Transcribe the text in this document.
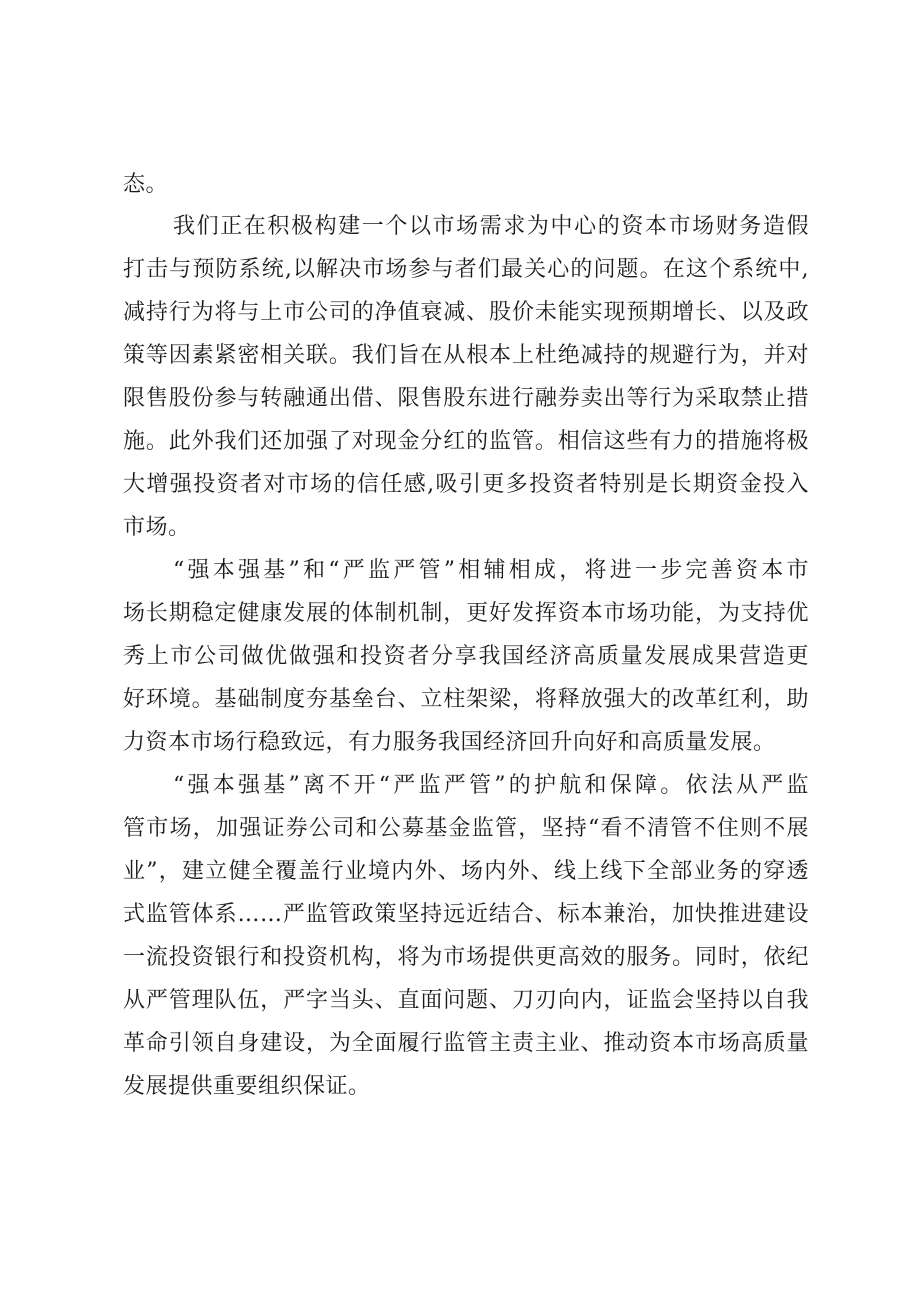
态。

我们正在积极构建一个以市场需求为中心的资本市场财务造假

打击与预防系统,以解决市场参与者们最关心的问题。在这个系统中,

减持行为将与上市公司的净值衰减、股价未能实现预期增长、以及政

策等因素紧密相关联。我们旨在从根本上杜绝减持的规避行为，并对

限售股份参与转融通出借、限售股东进行融券卖出等行为采取禁止措

施。此外我们还加强了对现金分红的监管。相信这些有力的措施将极

大增强投资者对市场的信任感,吸引更多投资者特别是长期资金投入

市场。

“强本强基”和“严监严管”相辅相成，将进一步完善资本市

场长期稳定健康发展的体制机制，更好发挥资本市场功能，为支持优

秀上市公司做优做强和投资者分享我国经济高质量发展成果营造更

好环境。基础制度夯基垒台、立柱架梁，将释放强大的改革红利，助

力资本市场行稳致远，有力服务我国经济回升向好和高质量发展。

“强本强基”离不开“严监严管”的护航和保障。依法从严监

管市场，加强证券公司和公募基金监管，坚持“看不清管不住则不展

业”，建立健全覆盖行业境内外、场内外、线上线下全部业务的穿透

式监管体系……严监管政策坚持远近结合、标本兼治，加快推进建设

一流投资银行和投资机构，将为市场提供更高效的服务。同时，依纪

从严管理队伍，严字当头、直面问题、刀刃向内，证监会坚持以自我

革命引领自身建设，为全面履行监管主责主业、推动资本市场高质量

发展提供重要组织保证。
